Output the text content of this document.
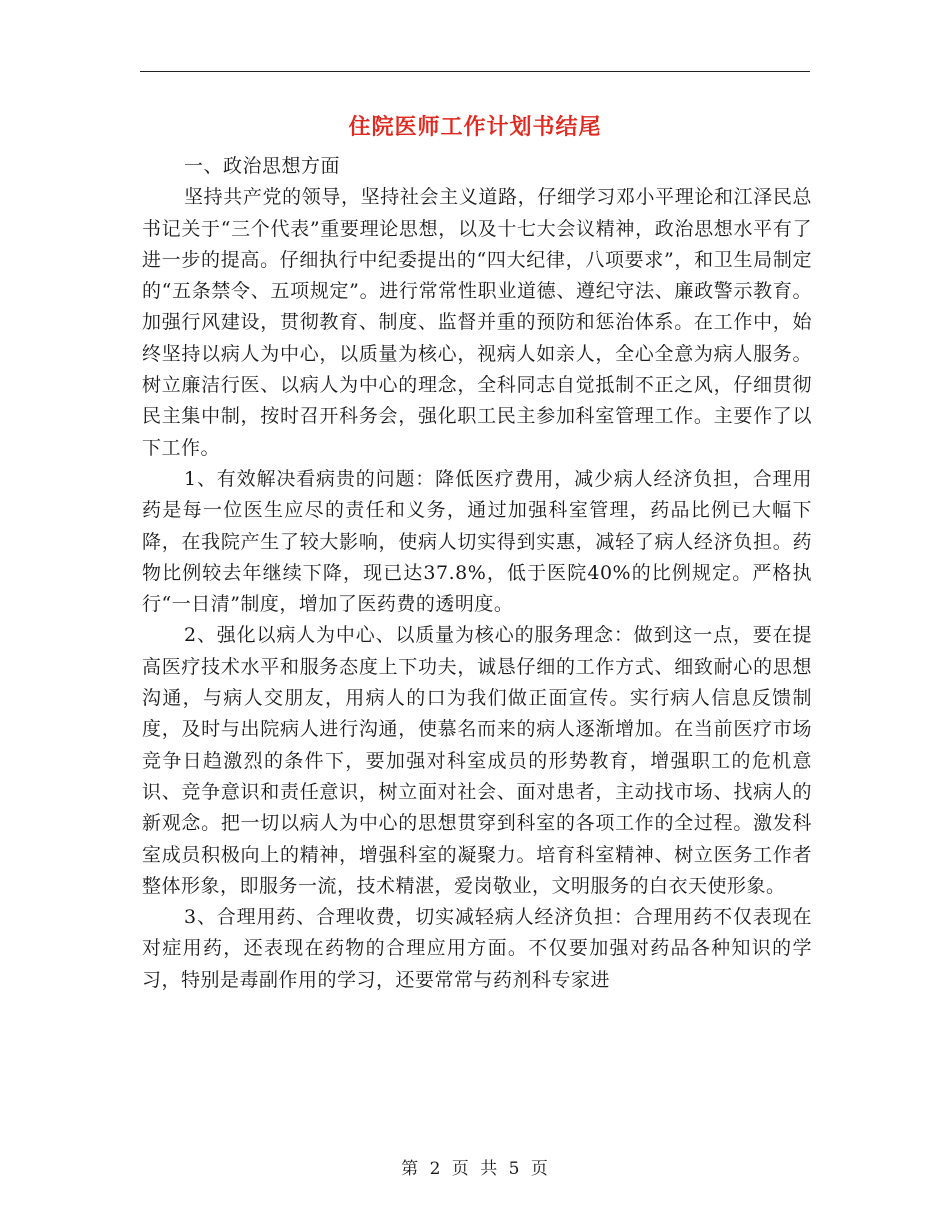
住院医师工作计划书结尾
一、政治思想方面

坚持共产党的领导，坚持社会主义道路，仔细学习邓小平理论和江泽民总书记关于“三个代表”重要理论思想，以及十七大会议精神，政治思想水平有了进一步的提高。仔细执行中纪委提出的“四大纪律，八项要求”，和卫生局制定的“五条禁令、五项规定”。进行常常性职业道德、遵纪守法、廉政警示教育。加强行风建设，贯彻教育、制度、监督并重的预防和惩治体系。在工作中，始终坚持以病人为中心，以质量为核心，视病人如亲人，全心全意为病人服务。树立廉洁行医、以病人为中心的理念，全科同志自觉抵制不正之风，仔细贯彻民主集中制，按时召开科务会，强化职工民主参加科室管理工作。主要作了以下工作。

1、有效解决看病贵的问题：降低医疗费用，减少病人经济负担，合理用药是每一位医生应尽的责任和义务，通过加强科室管理，药品比例已大幅下降，在我院产生了较大影响，使病人切实得到实惠，减轻了病人经济负担。药物比例较去年继续下降，现已达37.8%，低于医院40%的比例规定。严格执行“一日清”制度，增加了医药费的透明度。

2、强化以病人为中心、以质量为核心的服务理念：做到这一点，要在提高医疗技术水平和服务态度上下功夫，诚恳仔细的工作方式、细致耐心的思想沟通，与病人交朋友，用病人的口为我们做正面宣传。实行病人信息反馈制度，及时与出院病人进行沟通，使慕名而来的病人逐渐增加。在当前医疗市场竞争日趋激烈的条件下，要加强对科室成员的形势教育，增强职工的危机意识、竞争意识和责任意识，树立面对社会、面对患者，主动找市场、找病人的新观念。把一切以病人为中心的思想贯穿到科室的各项工作的全过程。激发科室成员积极向上的精神，增强科室的凝聚力。培育科室精神、树立医务工作者整体形象，即服务一流，技术精湛，爱岗敬业，文明服务的白衣天使形象。

3、合理用药、合理收费，切实减轻病人经济负担：合理用药不仅表现在对症用药，还表现在药物的合理应用方面。不仅要加强对药品各种知识的学习，特别是毒副作用的学习，还要常常与药剂科专家进

第 2 页 共 5 页
